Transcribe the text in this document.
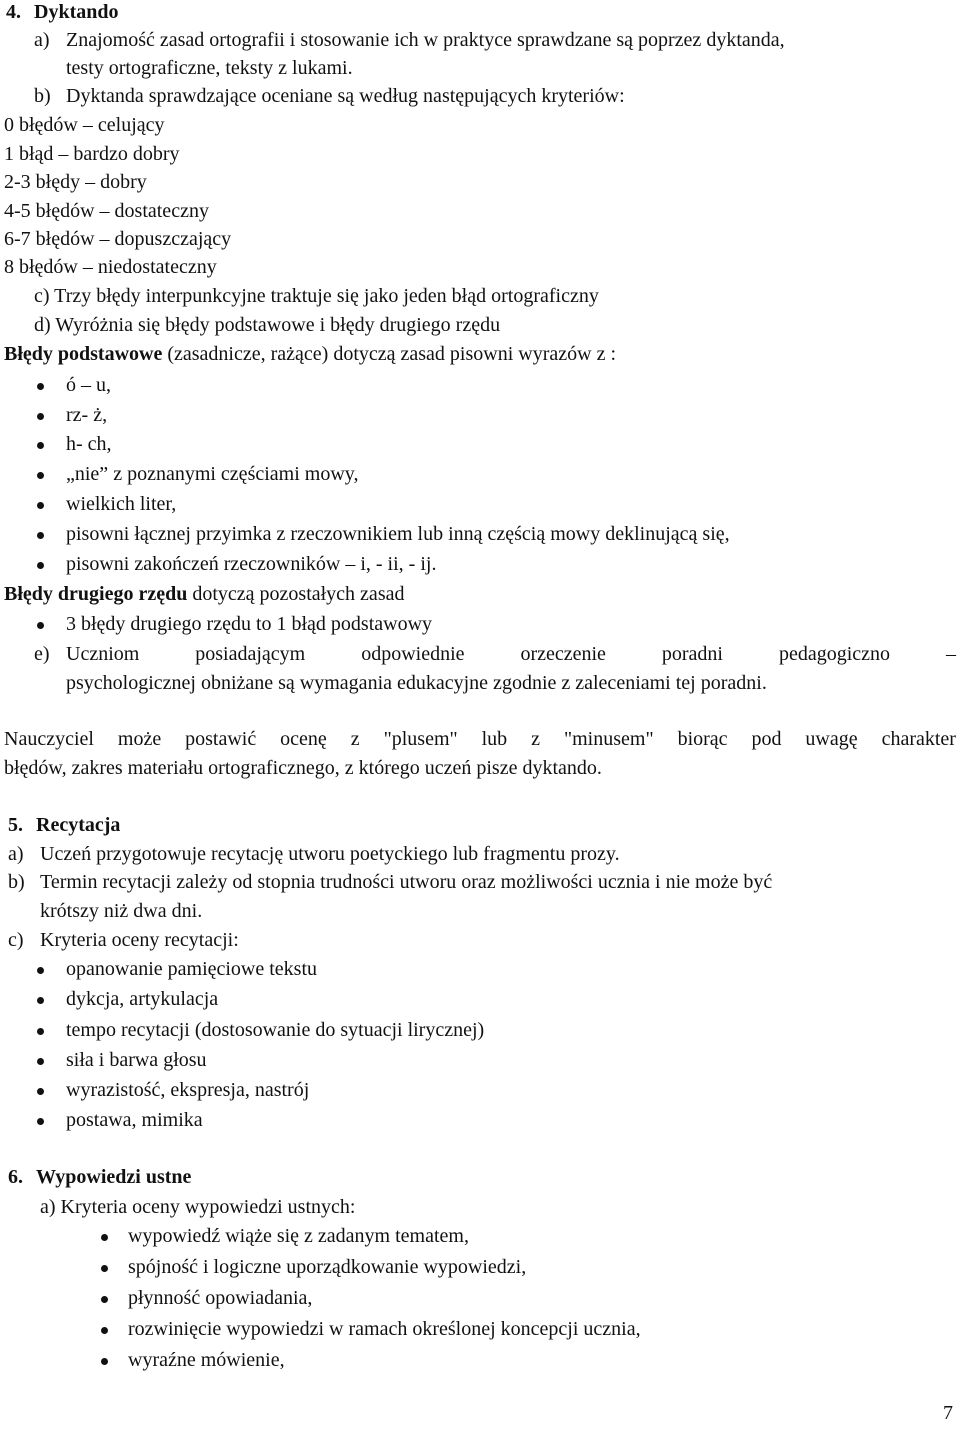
4. Dyktando
a) Znajomość zasad ortografii i stosowanie ich w praktyce sprawdzane są poprzez dyktanda,
testy ortograficzne, teksty z lukami.
b) Dyktanda sprawdzające oceniane są według następujących kryteriów:
0 błędów – celujący
1 błąd – bardzo dobry
2-3 błędy – dobry
4-5 błędów – dostateczny
6-7 błędów – dopuszczający
8 błędów – niedostateczny
c) Trzy błędy interpunkcyjne traktuje się jako jeden błąd ortograficzny
d) Wyróżnia się błędy podstawowe i błędy drugiego rzędu
Błędy podstawowe (zasadnicze, rażące) dotyczą zasad pisowni wyrazów z :
ó – u,
rz- ż,
h- ch,
„nie” z poznanymi częściami mowy,
wielkich liter,
pisowni łącznej przyimka z rzeczownikiem lub inną częścią mowy deklinującą się,
pisowni zakończeń rzeczowników – i, - ii, - ij.
Błędy drugiego rzędu dotyczą pozostałych zasad
3 błędy drugiego rzędu to 1 błąd podstawowy
e) Uczniom	posiadającym	odpowiednie	orzeczenie	poradni	pedagogiczno	–
psychologicznej obniżane są wymagania edukacyjne zgodnie z zaleceniami tej poradni.
Nauczyciel może postawić ocenę z "plusem" lub z "minusem" biorąc pod uwagę charakter
błędów, zakres materiału ortograficznego, z którego uczeń pisze dyktando.
5. Recytacja
a) Uczeń przygotowuje recytację utworu poetyckiego lub fragmentu prozy.
b) Termin recytacji zależy od stopnia trudności utworu oraz możliwości ucznia i nie może być
krótszy niż dwa dni.
c) Kryteria oceny recytacji:
opanowanie pamięciowe tekstu
dykcja, artykulacja
tempo recytacji (dostosowanie do sytuacji lirycznej)
siła i barwa głosu
wyrazistość, ekspresja, nastrój
postawa, mimika
6. Wypowiedzi ustne
a) Kryteria oceny wypowiedzi ustnych:
wypowiedź wiąże się z zadanym tematem,
spójność i logiczne uporządkowanie wypowiedzi,
płynność opowiadania,
rozwinięcie wypowiedzi w ramach określonej koncepcji ucznia,
wyraźne mówienie,
7
